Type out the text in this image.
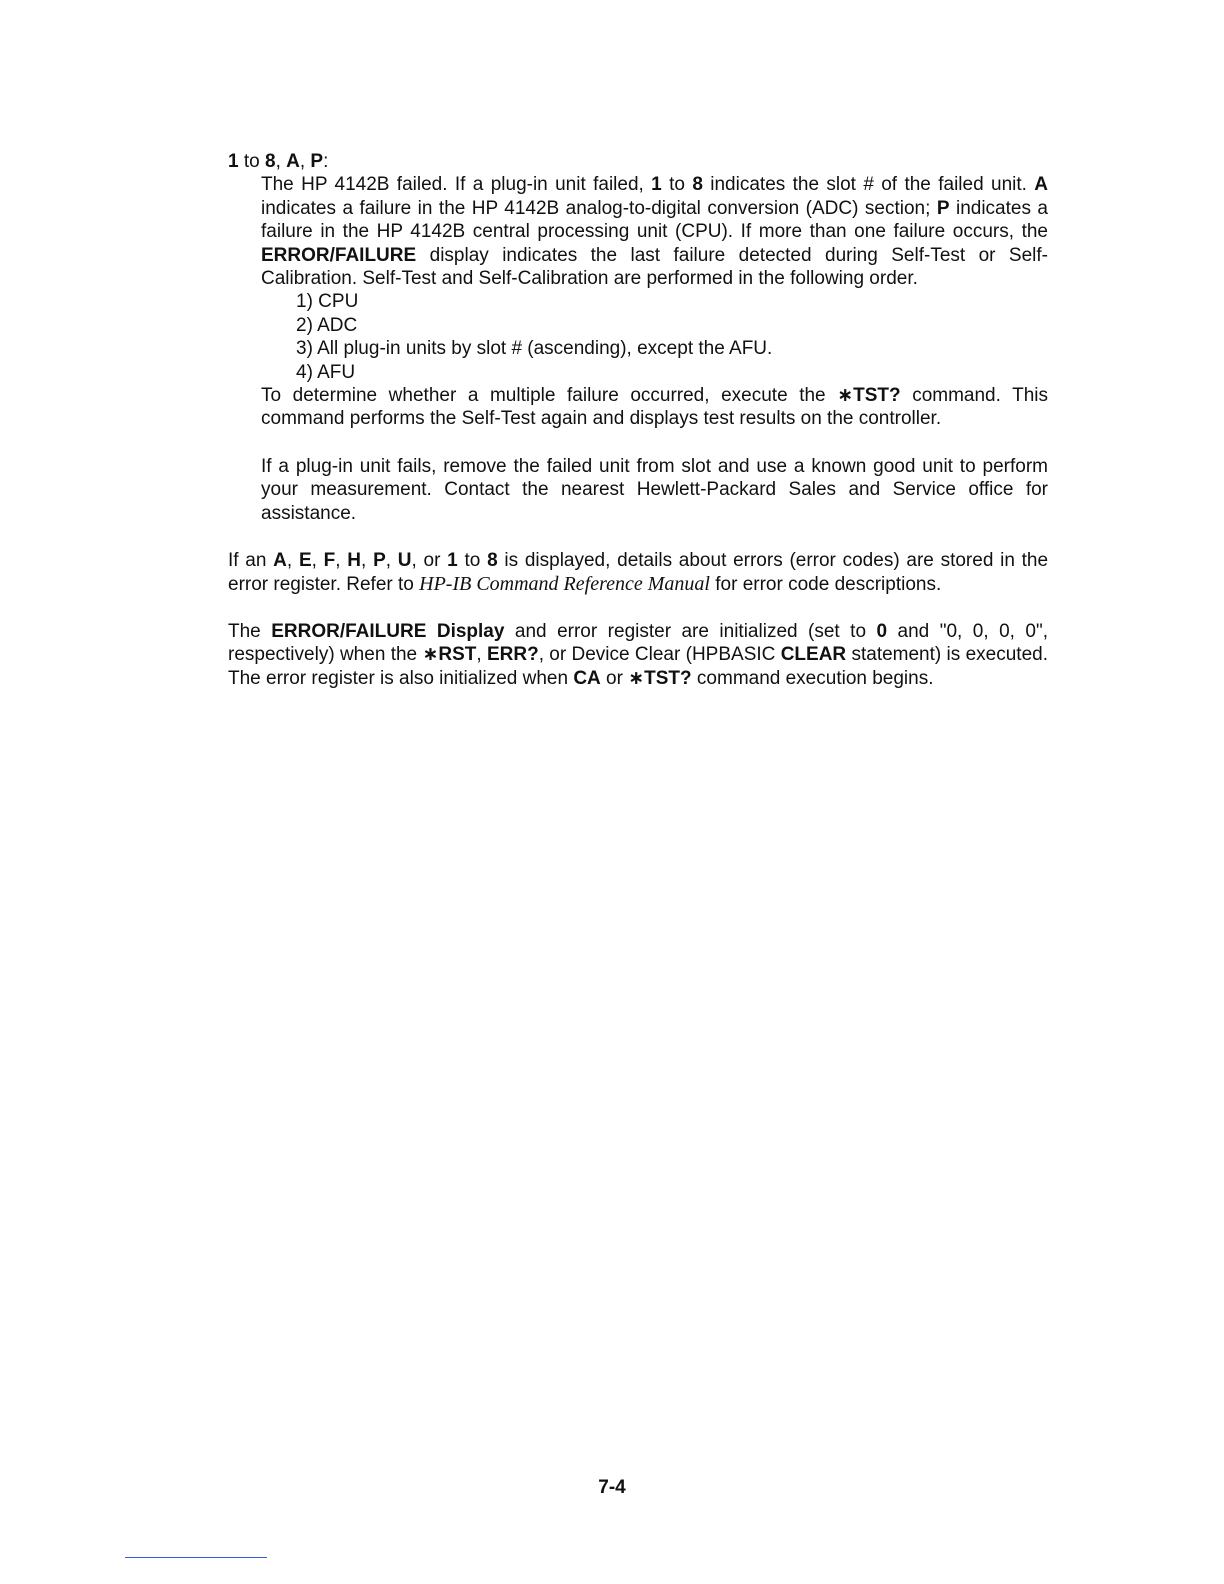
1 to 8, A, P:

The HP 4142B failed. If a plug-in unit failed, 1 to 8 indicates the slot # of the failed unit. A indicates a failure in the HP 4142B analog-to-digital conversion (ADC) section; P indicates a failure in the HP 4142B central processing unit (CPU). If more than one failure occurs, the ERROR/FAILURE display indicates the last failure detected during Self-Test or Self-Calibration. Self-Test and Self-Calibration are performed in the following order.

1) CPU
2) ADC
3) All plug-in units by slot # (ascending), except the AFU.
4) AFU

To determine whether a multiple failure occurred, execute the ∗TST? command. This command performs the Self-Test again and displays test results on the controller.

If a plug-in unit fails, remove the failed unit from slot and use a known good unit to perform your measurement. Contact the nearest Hewlett-Packard Sales and Service office for assistance.

If an A, E, F, H, P, U, or 1 to 8 is displayed, details about errors (error codes) are stored in the error register. Refer to HP-IB Command Reference Manual for error code descriptions.

The ERROR/FAILURE Display and error register are initialized (set to 0 and "0, 0, 0, 0", respectively) when the ∗RST, ERR?, or Device Clear (HPBASIC CLEAR statement) is executed. The error register is also initialized when CA or ∗TST? command execution begins.

7-4
